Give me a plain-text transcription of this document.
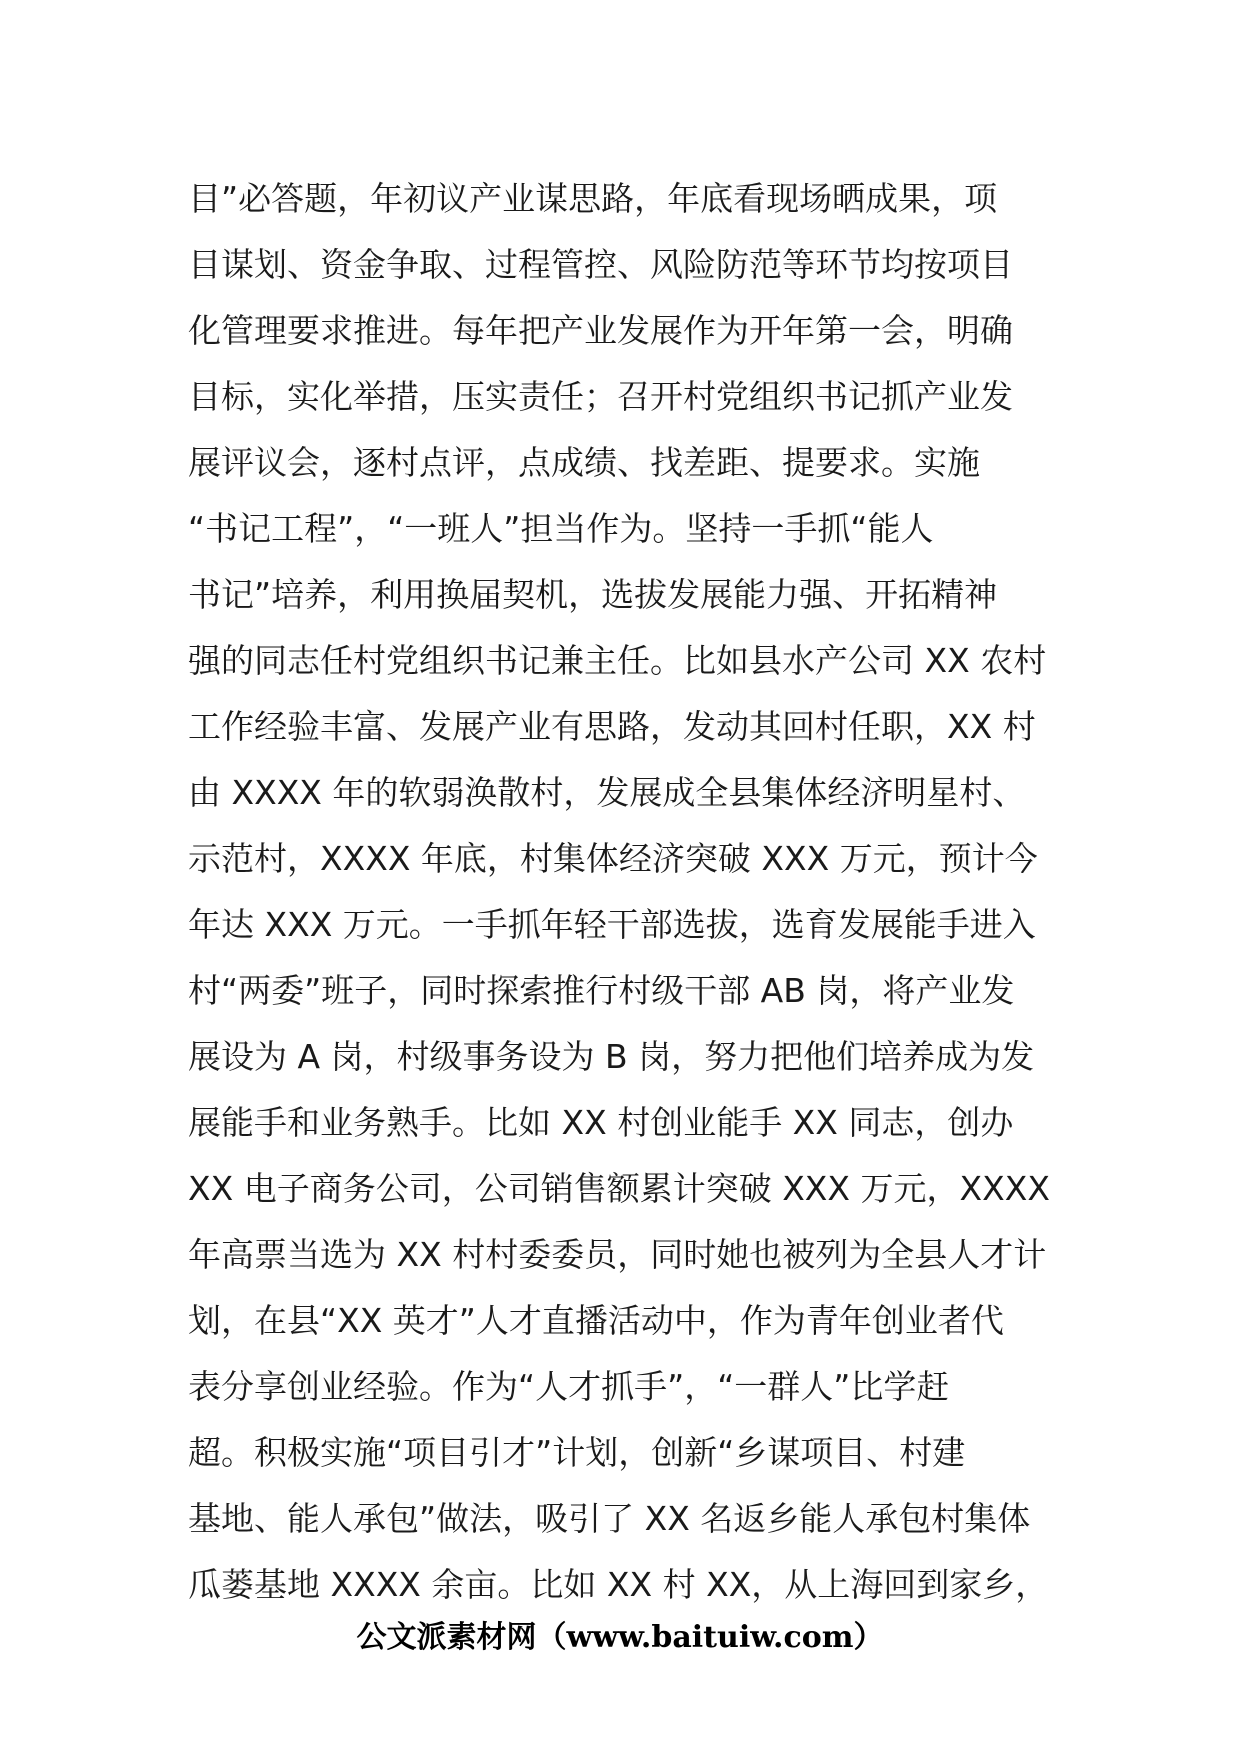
目”必答题，年初议产业谋思路，年底看现场晒成果，项
目谋划、资金争取、过程管控、风险防范等环节均按项目
化管理要求推进。每年把产业发展作为开年第一会，明确
目标，实化举措，压实责任；召开村党组织书记抓产业发
展评议会，逐村点评，点成绩、找差距、提要求。实施
“书记工程”，“一班人”担当作为。坚持一手抓“能人
书记”培养，利用换届契机，选拔发展能力强、开拓精神
强的同志任村党组织书记兼主任。比如县水产公司 XX 农村
工作经验丰富、发展产业有思路，发动其回村任职，XX 村
由 XXXX 年的软弱涣散村，发展成全县集体经济明星村、
示范村，XXXX 年底，村集体经济突破 XXX 万元，预计今
年达 XXX 万元。一手抓年轻干部选拔，选育发展能手进入
村“两委”班子，同时探索推行村级干部 AB 岗，将产业发
展设为 A 岗，村级事务设为 B 岗，努力把他们培养成为发
展能手和业务熟手。比如 XX 村创业能手 XX 同志，创办
XX 电子商务公司，公司销售额累计突破 XXX 万元，XXXX
年高票当选为 XX 村村委委员，同时她也被列为全县人才计
划，在县“XX 英才”人才直播活动中，作为青年创业者代
表分享创业经验。作为“人才抓手”，“一群人”比学赶
超。积极实施“项目引才”计划，创新“乡谋项目、村建
基地、能人承包”做法，吸引了 XX 名返乡能人承包村集体
瓜蒌基地 XXXX 余亩。比如 XX 村 XX，从上海回到家乡，
公文派素材网（www.baituiw.com）
